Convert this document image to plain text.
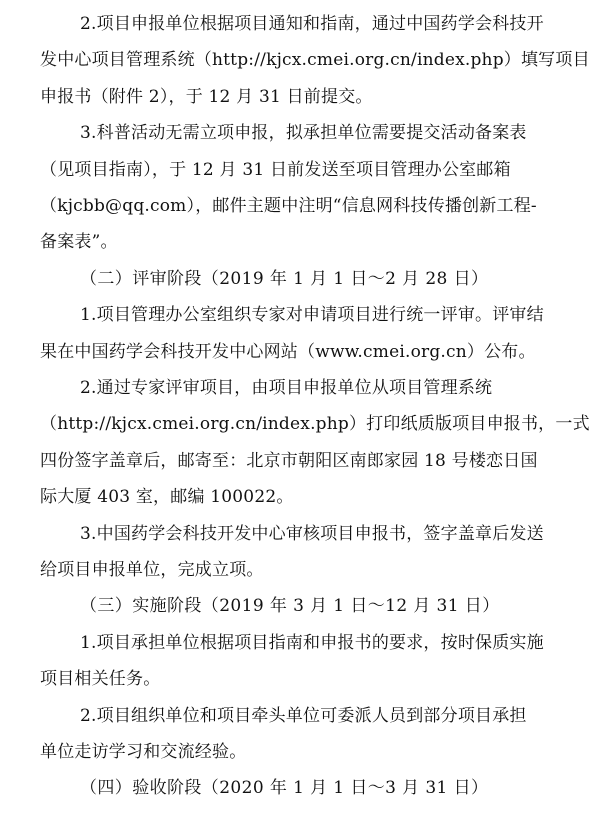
2.项目申报单位根据项目通知和指南，通过中国药学会科技开
发中心项目管理系统（http://kjcx.cmei.org.cn/index.php）填写项目
申报书（附件 2），于 12 月 31 日前提交。
3.科普活动无需立项申报，拟承担单位需要提交活动备案表
（见项目指南），于 12 月 31 日前发送至项目管理办公室邮箱
（kjcbb@qq.com），邮件主题中注明“信息网科技传播创新工程-
备案表”。
（二）评审阶段（2019 年 1 月 1 日～2 月 28 日）
1.项目管理办公室组织专家对申请项目进行统一评审。评审结
果在中国药学会科技开发中心网站（www.cmei.org.cn）公布。
2.通过专家评审项目，由项目申报单位从项目管理系统
（http://kjcx.cmei.org.cn/index.php）打印纸质版项目申报书，一式
四份签字盖章后，邮寄至：北京市朝阳区南郎家园 18 号楼恋日国
际大厦 403 室，邮编 100022。
3.中国药学会科技开发中心审核项目申报书，签字盖章后发送
给项目申报单位，完成立项。
（三）实施阶段（2019 年 3 月 1 日～12 月 31 日）
1.项目承担单位根据项目指南和申报书的要求，按时保质实施
项目相关任务。
2.项目组织单位和项目牵头单位可委派人员到部分项目承担
单位走访学习和交流经验。
（四）验收阶段（2020 年 1 月 1 日～3 月 31 日）
